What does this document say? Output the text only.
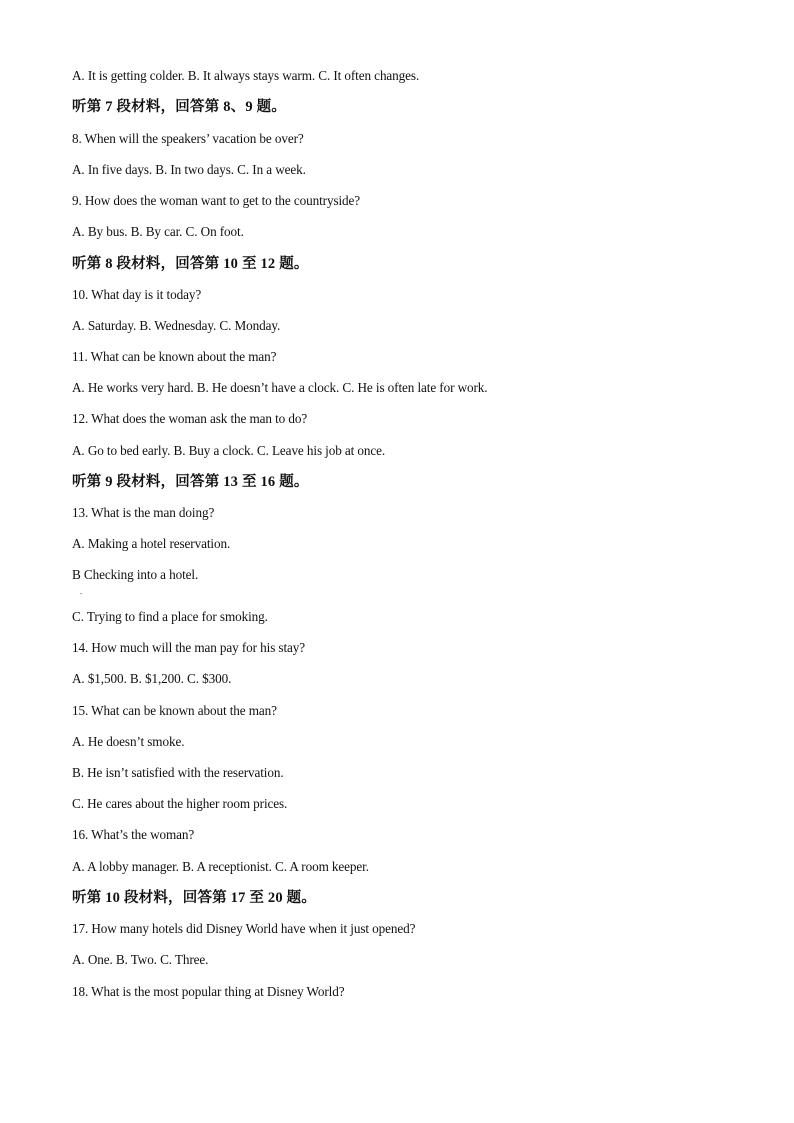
A. It is getting colder. B. It always stays warm. C. It often changes.
听第 7 段材料，回答第 8、9 题。
8. When will the speakers’ vacation be over?
A. In five days. B. In two days. C. In a week.
9. How does the woman want to get to the countryside?
A. By bus. B. By car. C. On foot.
听第 8 段材料，回答第 10 至 12 题。
10. What day is it today?
A. Saturday. B. Wednesday. C. Monday.
11. What can be known about the man?
A. He works very hard. B. He doesn’t have a clock. C. He is often late for work.
12. What does the woman ask the man to do?
A. Go to bed early. B. Buy a clock. C. Leave his job at once.
听第 9 段材料，回答第 13 至 16 题。
13. What is the man doing?
A. Making a hotel reservation.
B Checking into a hotel.
.
C. Trying to find a place for smoking.
14. How much will the man pay for his stay?
A. $1,500. B. $1,200. C. $300.
15. What can be known about the man?
A. He doesn’t smoke.
B. He isn’t satisfied with the reservation.
C. He cares about the higher room prices.
16. What’s the woman?
A. A lobby manager. B. A receptionist. C. A room keeper.
听第 10 段材料，回答第 17 至 20 题。
17. How many hotels did Disney World have when it just opened?
A. One. B. Two. C. Three.
18. What is the most popular thing at Disney World?
